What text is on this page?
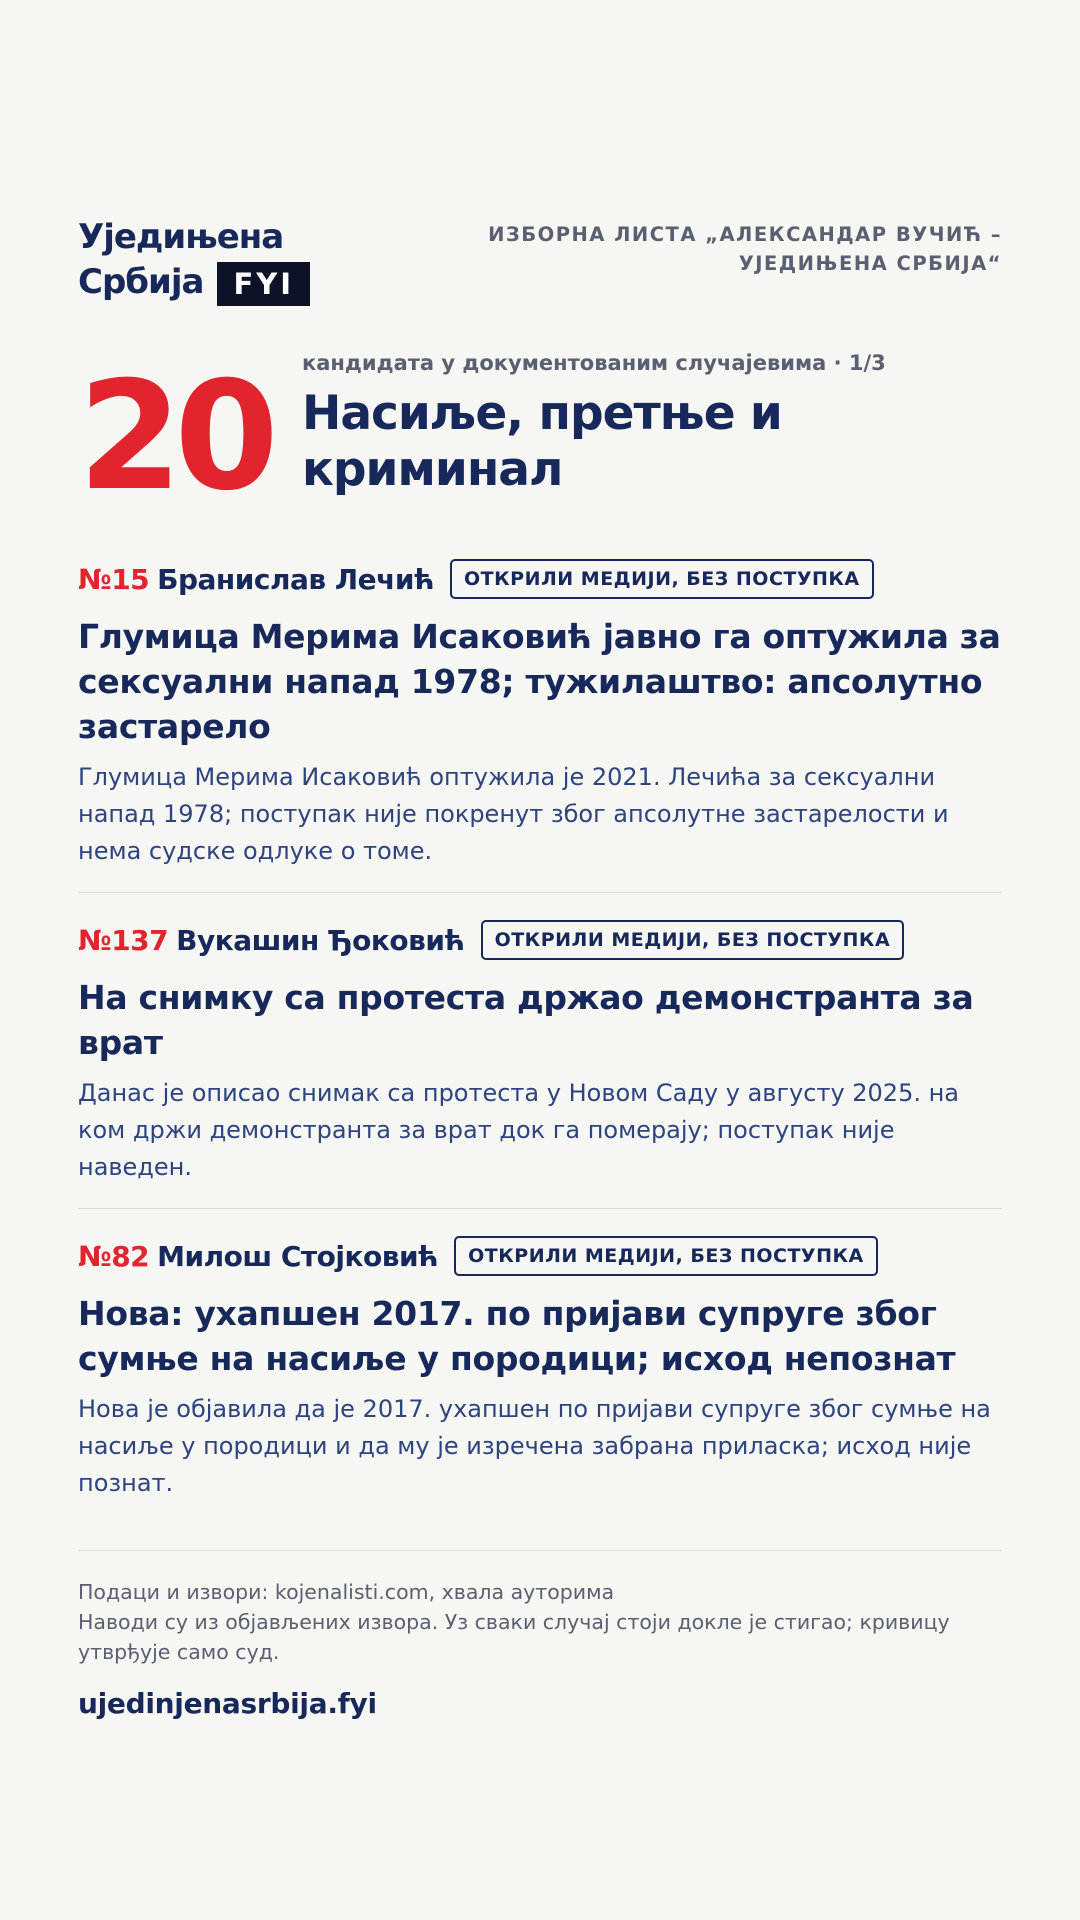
Уједињена
Србија	FYI
ИЗБОРНА ЛИСТА „АЛЕКСАНДАР ВУЧИЋ –
УЈЕДИЊЕНА СРБИЈА“
20	кандидата у документованим случајевима · 1/3
Насиље, претње и
криминал
№15 Бранислав Лечић	ОТКРИЛИ МЕДИЈИ, БЕЗ ПОСТУПКА
Глумица Мерима Исаковић јавно га оптужила за сексуални напад 1978; тужилаштво: апсолутно застарело
Глумица Мерима Исаковић оптужила је 2021. Лечића за сексуални напад 1978; поступак није покренут због апсолутне застарелости и нема судске одлуке о томе.
№137 Вукашин Ђоковић	ОТКРИЛИ МЕДИЈИ, БЕЗ ПОСТУПКА
На снимку са протеста држао демонстранта за врат
Данас је описао снимак са протеста у Новом Саду у августу 2025. на ком држи демонстранта за врат док га померају; поступак није наведен.
№82 Милош Стојковић	ОТКРИЛИ МЕДИЈИ, БЕЗ ПОСТУПКА
Нова: ухапшен 2017. по пријави супруге због сумње на насиље у породици; исход непознат
Нова је објавила да је 2017. ухапшен по пријави супруге због сумње на насиље у породици и да му је изречена забрана приласка; исход није познат.
Подаци и извори: kojenalisti.com, хвала ауторима
Наводи су из објављених извора. Уз сваки случај стоји докле је стигао; кривицу утврђује само суд.
ujedinjenasrbija.fyi
